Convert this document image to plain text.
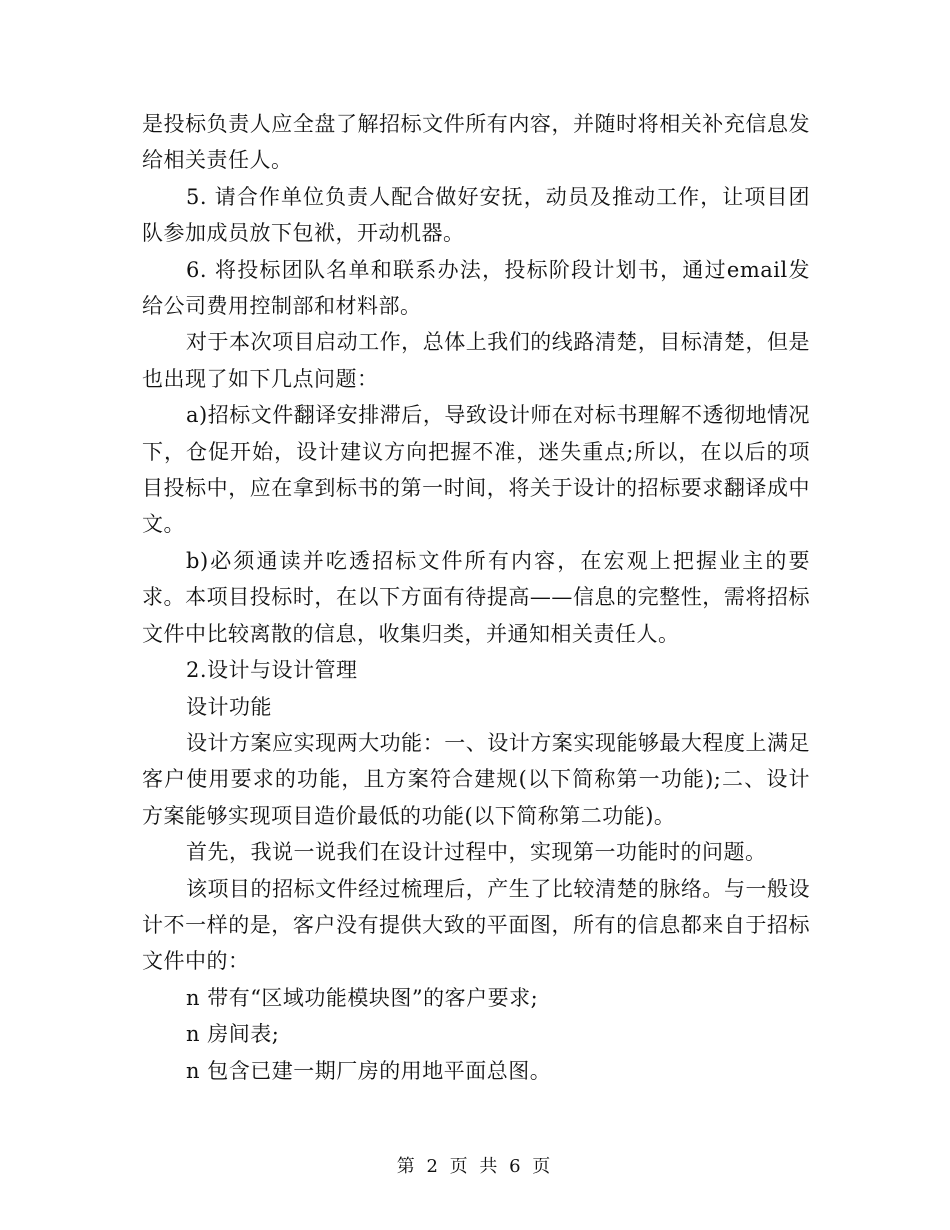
是投标负责人应全盘了解招标文件所有内容，并随时将相关补充信息发给相关责任人。

5. 请合作单位负责人配合做好安抚，动员及推动工作，让项目团队参加成员放下包袱，开动机器。

6. 将投标团队名单和联系办法，投标阶段计划书，通过email发给公司费用控制部和材料部。

对于本次项目启动工作，总体上我们的线路清楚，目标清楚，但是也出现了如下几点问题：

a)招标文件翻译安排滞后，导致设计师在对标书理解不透彻地情况下，仓促开始，设计建议方向把握不准，迷失重点;所以，在以后的项目投标中，应在拿到标书的第一时间，将关于设计的招标要求翻译成中文。

b)必须通读并吃透招标文件所有内容，在宏观上把握业主的要求。本项目投标时，在以下方面有待提高——信息的完整性，需将招标文件中比较离散的信息，收集归类，并通知相关责任人。

2.设计与设计管理

设计功能

设计方案应实现两大功能：一、设计方案实现能够最大程度上满足客户使用要求的功能，且方案符合建规(以下简称第一功能);二、设计方案能够实现项目造价最低的功能(以下简称第二功能)。

首先，我说一说我们在设计过程中，实现第一功能时的问题。

该项目的招标文件经过梳理后，产生了比较清楚的脉络。与一般设计不一样的是，客户没有提供大致的平面图，所有的信息都来自于招标文件中的：

n 带有“区域功能模块图”的客户要求;

n 房间表;

n 包含已建一期厂房的用地平面总图。

第 2 页 共 6 页
